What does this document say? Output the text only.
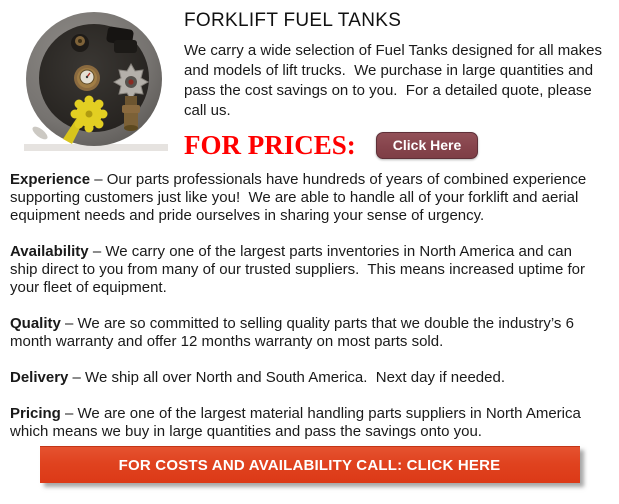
FORKLIFT FUEL TANKS

We carry a wide selection of Fuel Tanks designed for all makes and models of lift trucks.  We purchase in large quantities and pass the cost savings on to you.  For a detailed quote, please call us.

FOR PRICES:	Click Here

Experience – Our parts professionals have hundreds of years of combined experience supporting customers just like you!  We are able to handle all of your forklift and aerial equipment needs and pride ourselves in sharing your sense of urgency.

Availability – We carry one of the largest parts inventories in North America and can ship direct to you from many of our trusted suppliers.  This means increased uptime for your fleet of equipment.

Quality – We are so committed to selling quality parts that we double the industry’s 6 month warranty and offer 12 months warranty on most parts sold.

Delivery – We ship all over North and South America.  Next day if needed.

Pricing – We are one of the largest material handling parts suppliers in North America which means we buy in large quantities and pass the savings onto you.

FOR COSTS AND AVAILABILITY CALL: CLICK HERE
